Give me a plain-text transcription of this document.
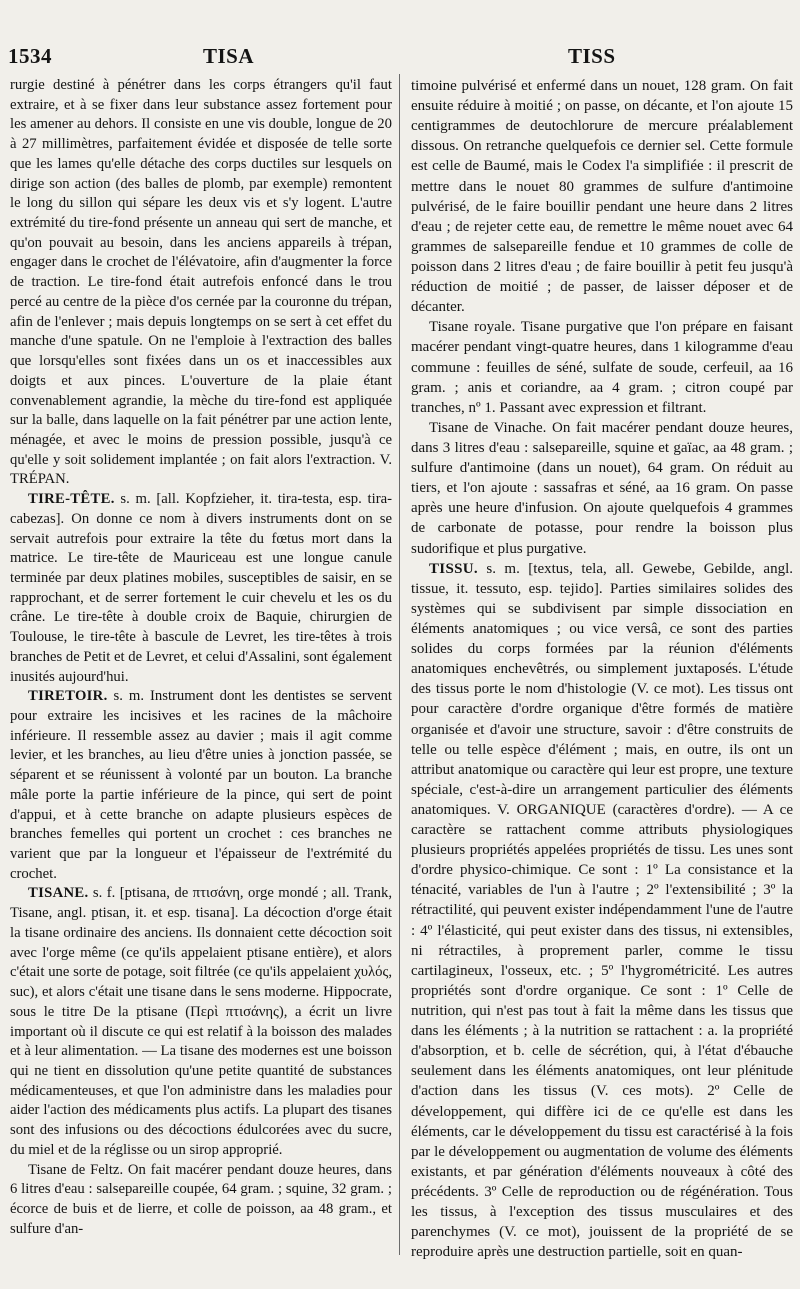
1534	TISA	TISS

rurgie destiné à pénétrer dans les corps étrangers qu'il faut extraire, et à se fixer dans leur substance assez fortement pour les amener au dehors. Il consiste en une vis double, longue de 20 à 27 millimètres, parfaitement évidée et disposée de telle sorte que les lames qu'elle détache des corps ductiles sur lesquels on dirige son action (des balles de plomb, par exemple) remontent le long du sillon qui sépare les deux vis et s'y logent. L'autre extrémité du tire-fond présente un anneau qui sert de manche, et qu'on pouvait au besoin, dans les anciens appareils à trépan, engager dans le crochet de l'élévatoire, afin d'augmenter la force de traction. Le tire-fond était autrefois enfoncé dans le trou percé au centre de la pièce d'os cernée par la couronne du trépan, afin de l'enlever ; mais depuis longtemps on se sert à cet effet du manche d'une spatule. On ne l'emploie à l'extraction des balles que lorsqu'elles sont fixées dans un os et inaccessibles aux doigts et aux pinces. L'ouverture de la plaie étant convenablement agrandie, la mèche du tire-fond est appliquée sur la balle, dans laquelle on la fait pénétrer par une action lente, ménagée, et avec le moins de pression possible, jusqu'à ce qu'elle y soit solidement implantée ; on fait alors l'extraction. V. TRÉPAN.

TIRE-TÊTE. s. m. [all. Kopfzieher, it. tira-testa, esp. tira-cabezas]. On donne ce nom à divers instruments dont on se servait autrefois pour extraire la tête du fœtus mort dans la matrice. Le tire-tête de Mauriceau est une longue canule terminée par deux platines mobiles, susceptibles de saisir, en se rapprochant, et de serrer fortement le cuir chevelu et les os du crâne. Le tire-tête à double croix de Baquie, chirurgien de Toulouse, le tire-tête à bascule de Levret, les tire-têtes à trois branches de Petit et de Levret, et celui d'Assalini, sont également inusités aujourd'hui.

TIRETOIR. s. m. Instrument dont les dentistes se servent pour extraire les incisives et les racines de la mâchoire inférieure. Il ressemble assez au davier ; mais il agit comme levier, et les branches, au lieu d'être unies à jonction passée, se séparent et se réunissent à volonté par un bouton. La branche mâle porte la partie inférieure de la pince, qui sert de point d'appui, et à cette branche on adapte plusieurs espèces de branches femelles qui portent un crochet : ces branches ne varient que par la longueur et l'épaisseur de l'extrémité du crochet.

TISANE. s. f. [ptisana, de πτισάνη, orge mondé ; all. Trank, Tisane, angl. ptisan, it. et esp. tisana]. La décoction d'orge était la tisane ordinaire des anciens. Ils donnaient cette décoction soit avec l'orge même (ce qu'ils appelaient ptisane entière), et alors c'était une sorte de potage, soit filtrée (ce qu'ils appelaient χυλός, suc), et alors c'était une tisane dans le sens moderne. Hippocrate, sous le titre De la ptisane (Περὶ πτισάνης), a écrit un livre important où il discute ce qui est relatif à la boisson des malades et à leur alimentation. — La tisane des modernes est une boisson qui ne tient en dissolution qu'une petite quantité de substances médicamenteuses, et que l'on administre dans les maladies pour aider l'action des médicaments plus actifs. La plupart des tisanes sont des infusions ou des décoctions édulcorées avec du sucre, du miel et de la réglisse ou un sirop approprié.

Tisane de Feltz. On fait macérer pendant douze heures, dans 6 litres d'eau : salsepareille coupée, 64 gram. ; squine, 32 gram. ; écorce de buis et de lierre, et colle de poisson, aa 48 gram., et sulfure d'an-

timoine pulvérisé et enfermé dans un nouet, 128 gram. On fait ensuite réduire à moitié ; on passe, on décante, et l'on ajoute 15 centigrammes de deutochlorure de mercure préalablement dissous. On retranche quelquefois ce dernier sel. Cette formule est celle de Baumé, mais le Codex l'a simplifiée : il prescrit de mettre dans le nouet 80 grammes de sulfure d'antimoine pulvérisé, de le faire bouillir pendant une heure dans 2 litres d'eau ; de rejeter cette eau, de remettre le même nouet avec 64 grammes de salsepareille fendue et 10 grammes de colle de poisson dans 2 litres d'eau ; de faire bouillir à petit feu jusqu'à réduction de moitié ; de passer, de laisser déposer et de décanter.

Tisane royale. Tisane purgative que l'on prépare en faisant macérer pendant vingt-quatre heures, dans 1 kilogramme d'eau commune : feuilles de séné, sulfate de soude, cerfeuil, aa 16 gram. ; anis et coriandre, aa 4 gram. ; citron coupé par tranches, nº 1. Passant avec expression et filtrant.

Tisane de Vinache. On fait macérer pendant douze heures, dans 3 litres d'eau : salsepareille, squine et gaïac, aa 48 gram. ; sulfure d'antimoine (dans un nouet), 64 gram. On réduit au tiers, et l'on ajoute : sassafras et séné, aa 16 gram. On passe après une heure d'infusion. On ajoute quelquefois 4 grammes de carbonate de potasse, pour rendre la boisson plus sudorifique et plus purgative.

TISSU. s. m. [textus, tela, all. Gewebe, Gebilde, angl. tissue, it. tessuto, esp. tejido]. Parties similaires solides des systèmes qui se subdivisent par simple dissociation en éléments anatomiques ; ou vice versâ, ce sont des parties solides du corps formées par la réunion d'éléments anatomiques enchevêtrés, ou simplement juxtaposés. L'étude des tissus porte le nom d'histologie (V. ce mot). Les tissus ont pour caractère d'ordre organique d'être formés de matière organisée et d'avoir une structure, savoir : d'être construits de telle ou telle espèce d'élément ; mais, en outre, ils ont un attribut anatomique ou caractère qui leur est propre, une texture spéciale, c'est-à-dire un arrangement particulier des éléments anatomiques. V. ORGANIQUE (caractères d'ordre). — A ce caractère se rattachent comme attributs physiologiques plusieurs propriétés appelées propriétés de tissu. Les unes sont d'ordre physico-chimique. Ce sont : 1º La consistance et la ténacité, variables de l'un à l'autre ; 2º l'extensibilité ; 3º la rétractilité, qui peuvent exister indépendamment l'une de l'autre : 4º l'élasticité, qui peut exister dans des tissus, ni extensibles, ni rétractiles, à proprement parler, comme le tissu cartilagineux, l'osseux, etc. ; 5º l'hygrométricité. Les autres propriétés sont d'ordre organique. Ce sont : 1º Celle de nutrition, qui n'est pas tout à fait la même dans les tissus que dans les éléments ; à la nutrition se rattachent : a. la propriété d'absorption, et b. celle de sécrétion, qui, à l'état d'ébauche seulement dans les éléments anatomiques, ont leur plénitude d'action dans les tissus (V. ces mots). 2º Celle de développement, qui diffère ici de ce qu'elle est dans les éléments, car le développement du tissu est caractérisé à la fois par le développement ou augmentation de volume des éléments existants, et par génération d'éléments nouveaux à côté des précédents. 3º Celle de reproduction ou de régénération. Tous les tissus, à l'exception des tissus musculaires et des parenchymes (V. ce mot), jouissent de la propriété de se reproduire après une destruction partielle, soit en quan-
